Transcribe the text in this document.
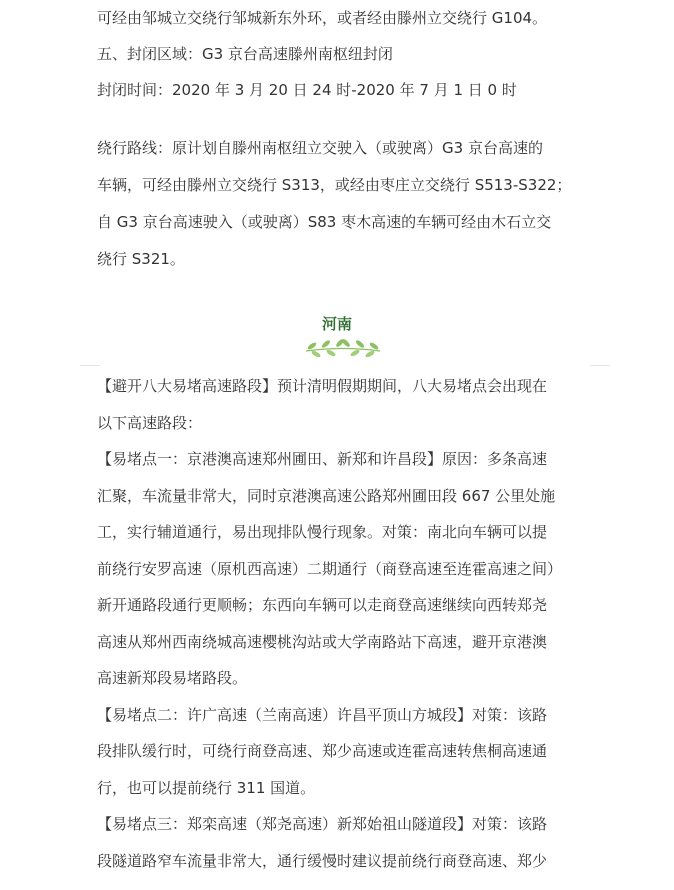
可经由邹城立交绕行邹城新东外环，或者经由滕州立交绕行 G104。
五、封闭区域：G3 京台高速滕州南枢纽封闭
封闭时间：2020 年 3 月 20 日 24 时-2020 年 7 月 1 日 0 时
绕行路线：原计划自滕州南枢纽立交驶入（或驶离）G3 京台高速的
车辆，可经由滕州立交绕行 S313，或经由枣庄立交绕行 S513-S322；
自 G3 京台高速驶入（或驶离）S83 枣木高速的车辆可经由木石立交
绕行 S321。
河南
【避开八大易堵高速路段】预计清明假期期间，八大易堵点会出现在
以下高速路段：
【易堵点一：京港澳高速郑州圃田、新郑和许昌段】原因：多条高速
汇聚，车流量非常大，同时京港澳高速公路郑州圃田段 667 公里处施
工，实行辅道通行，易出现排队慢行现象。对策：南北向车辆可以提
前绕行安罗高速（原机西高速）二期通行（商登高速至连霍高速之间）
新开通路段通行更顺畅；东西向车辆可以走商登高速继续向西转郑尧
高速从郑州西南绕城高速樱桃沟站或大学南路站下高速，避开京港澳
高速新郑段易堵路段。
【易堵点二：许广高速（兰南高速）许昌平顶山方城段】对策：该路
段排队缓行时，可绕行商登高速、郑少高速或连霍高速转焦桐高速通
行，也可以提前绕行 311 国道。
【易堵点三：郑栾高速（郑尧高速）新郑始祖山隧道段】对策：该路
段隧道路窄车流量非常大，通行缓慢时建议提前绕行商登高速、郑少
